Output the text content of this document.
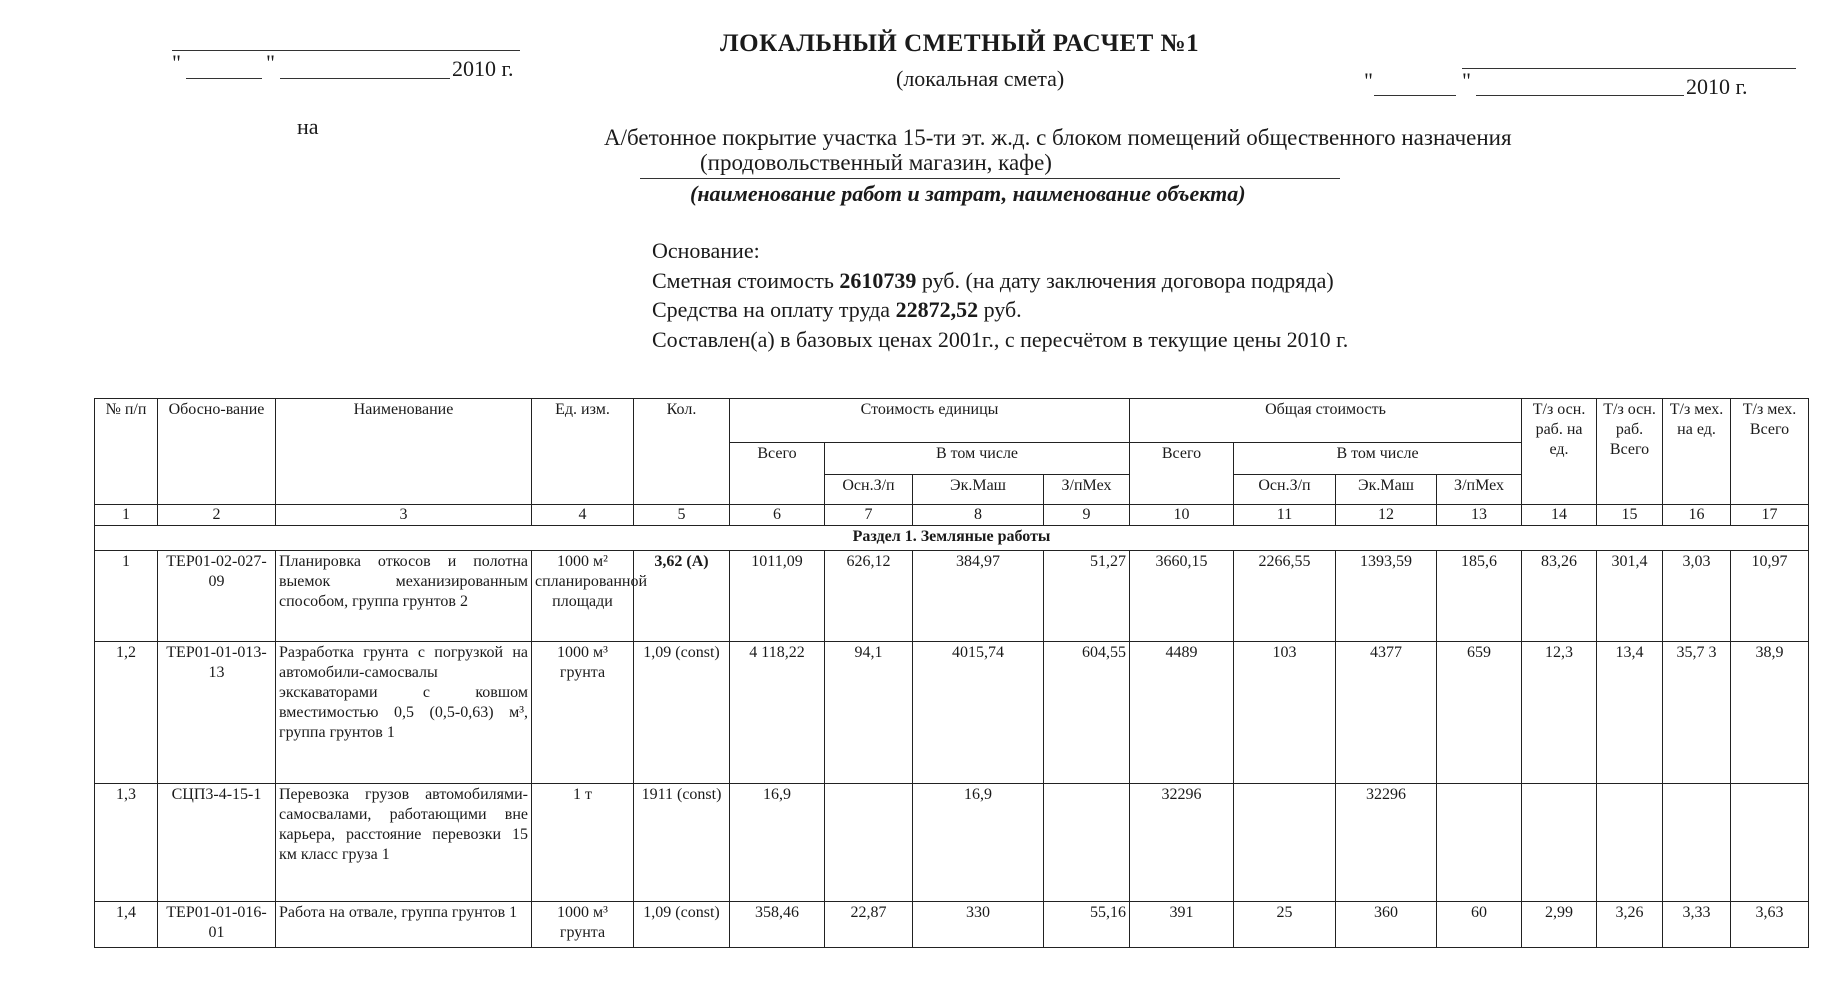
ЛОКАЛЬНЫЙ СМЕТНЫЙ РАСЧЕТ №1
(локальная смета)
"	"	2010 г.	"	"	2010 г.
на	А/бетонное покрытие участка 15-ти эт. ж.д. с блоком помещений общественного назначения
(продовольственный магазин, кафе)
(наименование работ и затрат, наименование объекта)
Основание:
Сметная стоимость 2610739 руб. (на дату заключения договора подряда)
Средства на оплату труда 22872,52 руб.
Составлен(а) в базовых ценах 2001г., с пересчётом в текущие цены 2010 г.
№ п/п	Обосно-вание	Наименование	Ед. изм.	Кол.	Стоимость единицы				Общая стоимость				Т/з осн. раб. на ед.	Т/з осн. раб. Всего	Т/з мех. на ед.	Т/з мех. Всего
					Всего	В том числе			Всего	В том числе						
						Осн.З/п	Эк.Маш	З/пМех		Осн.З/п	Эк.Маш	З/пМех				
1	2	3	4	5	6	7	8	9	10	11	12	13	14	15	16	17
Раздел 1. Земляные работы																
1	ТЕР01-02-027-09	Планировка откосов и полотна выемок механизированным способом, группа грунтов 2	1000 м² спланированной площади	3,62 (А)	1011,09	626,12	384,97	51,27	3660,15	2266,55	1393,59	185,6	83,26	301,4	3,03	10,97
1,2	ТЕР01-01-013-13	Разработка грунта с погрузкой на автомобили-самосвалы экскаваторами с ковшом вместимостью 0,5 (0,5-0,63) м³, группа грунтов 1	1000 м³ грунта	1,09 (const)	4 118,22	94,1	4015,74	604,55	4489	103	4377	659	12,3	13,4	35,7 3	38,9
1,3	СЦП3-4-15-1	Перевозка грузов автомобилями-самосвалами, работающими вне карьера, расстояние перевозки 15 км класс груза 1	1 т	1911 (const)	16,9		16,9		32296		32296					
1,4	ТЕР01-01-016-01	Работа на отвале, группа грунтов 1	1000 м³ грунта	1,09 (const)	358,46	22,87	330	55,16	391	25	360	60	2,99	3,26	3,33	3,63
